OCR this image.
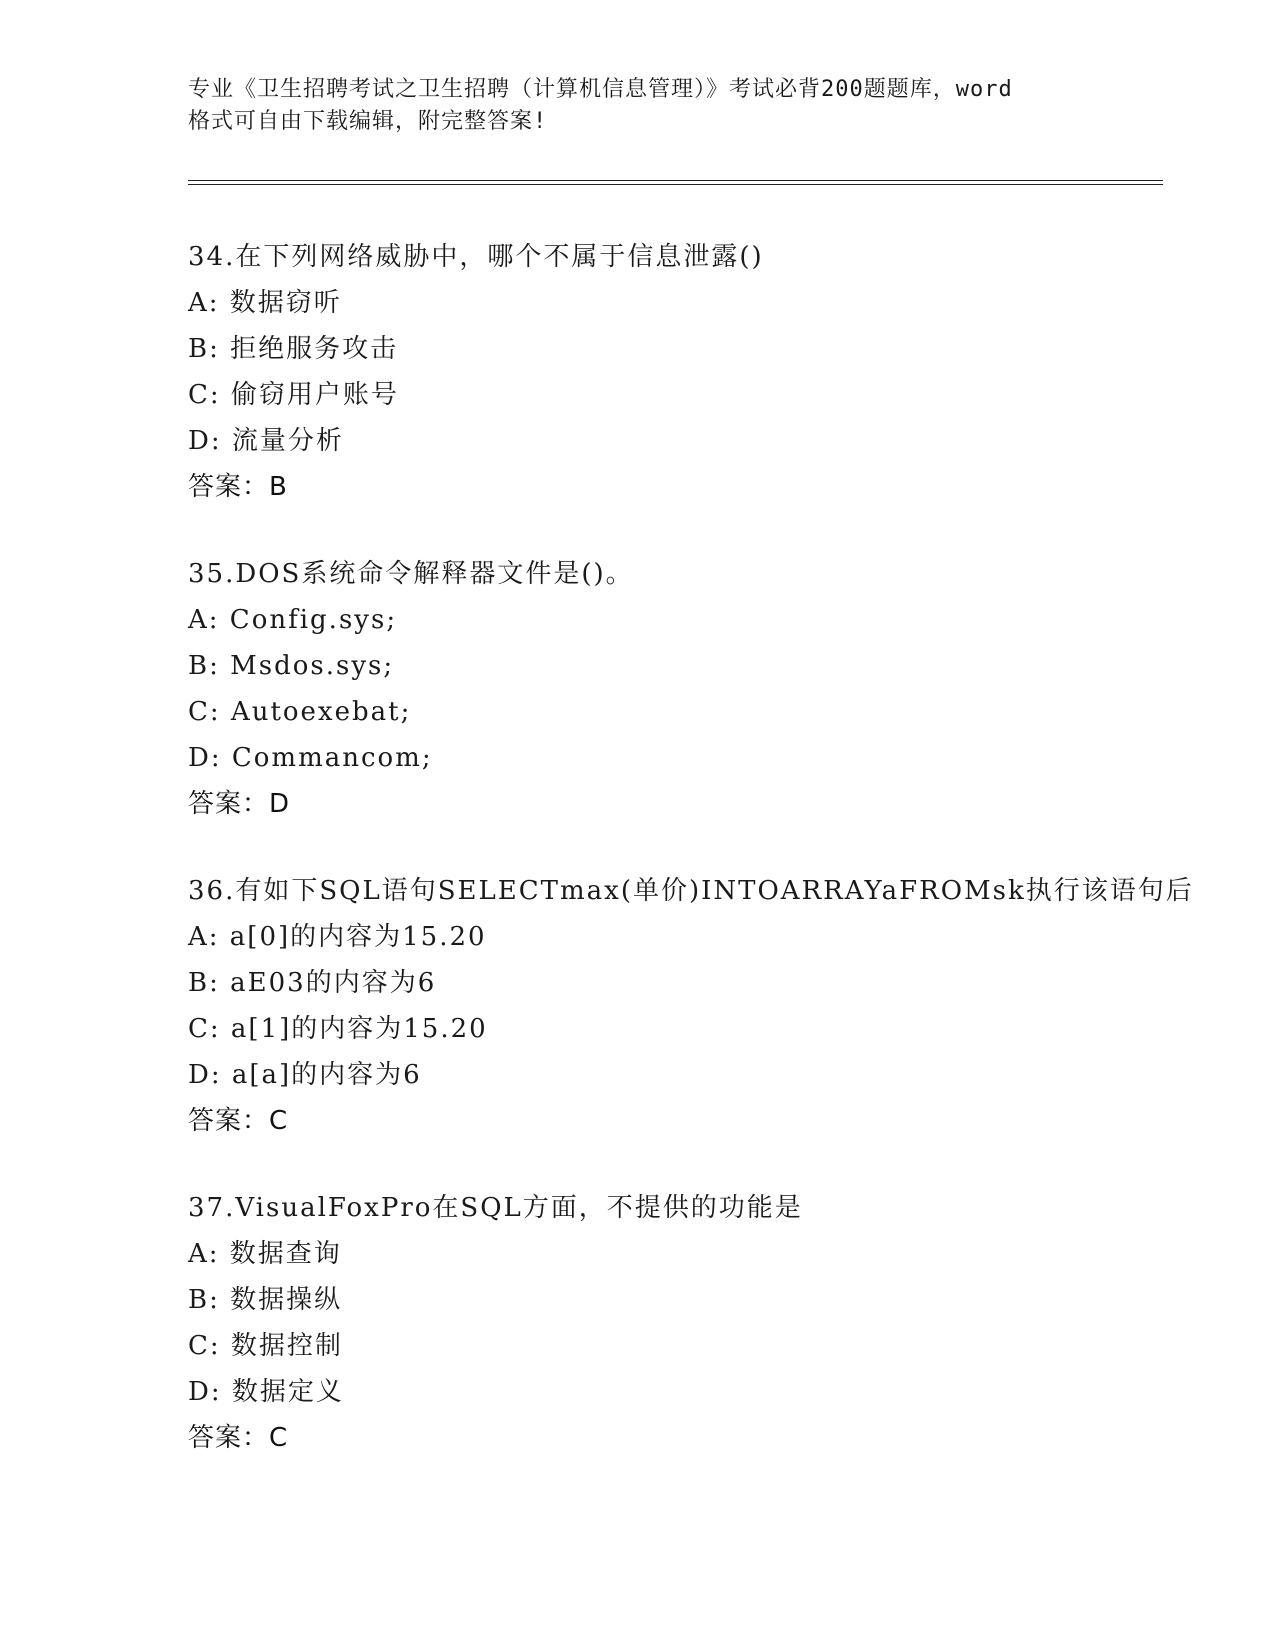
专业《卫生招聘考试之卫生招聘（计算机信息管理）》考试必背200题题库，word
格式可自由下载编辑，附完整答案!
34.在下列网络威胁中，哪个不属于信息泄露()
A: 数据窃听
B: 拒绝服务攻击
C: 偷窃用户账号
D: 流量分析
答案：B
35.DOS系统命令解释器文件是()。
A: Config.sys;
B: Msdos.sys;
C: Autoexebat;
D: Commancom;
答案：D
36.有如下SQL语句SELECTmax(单价)INTOARRAYaFROMsk执行该语句后
A: a[0]的内容为15.20
B: aE03的内容为6
C: a[1]的内容为15.20
D: a[a]的内容为6
答案：C
37.VisualFoxPro在SQL方面，不提供的功能是
A: 数据查询
B: 数据操纵
C: 数据控制
D: 数据定义
答案：C
